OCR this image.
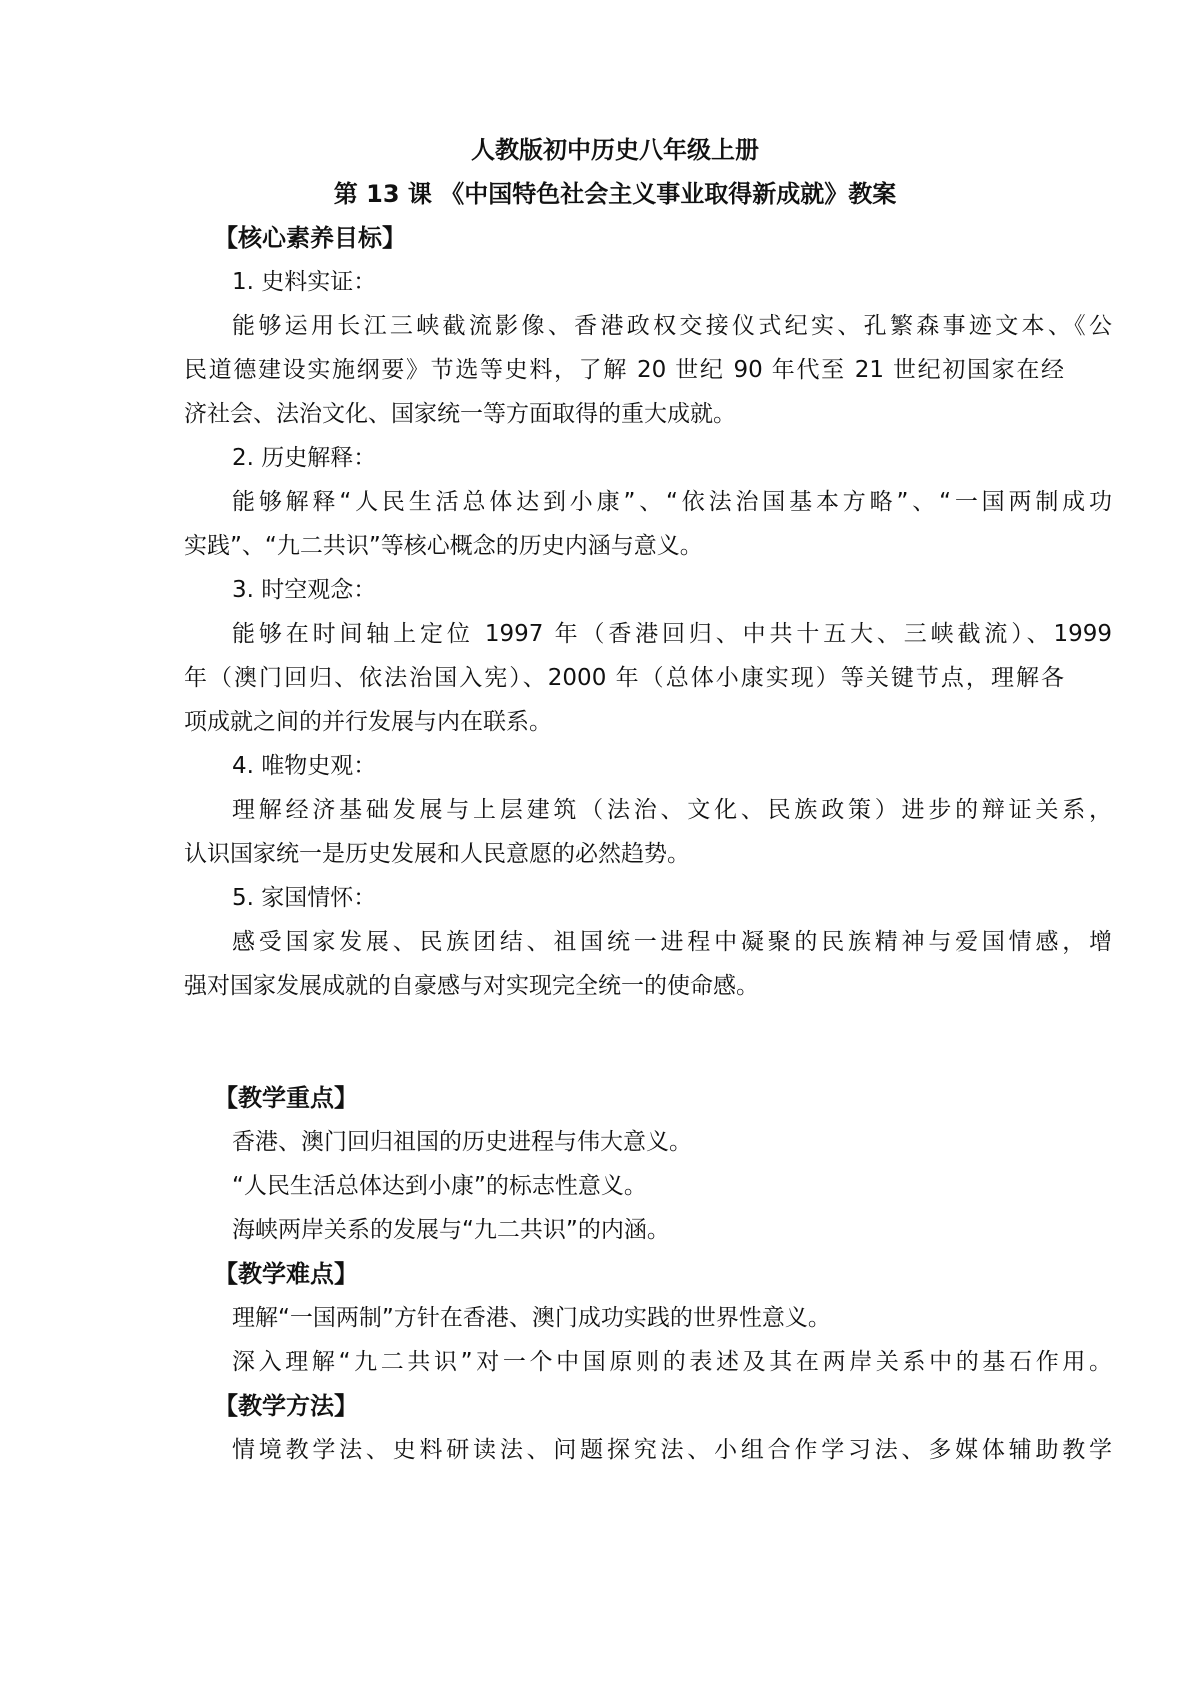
人教版初中历史八年级上册
第 13 课 《中国特色社会主义事业取得新成就》教案
【核心素养目标】
1. 史料实证：
能够运用长江三峡截流影像、香港政权交接仪式纪实、孔繁森事迹文本、《公
民道德建设实施纲要》节选等史料，了解 20 世纪 90 年代至 21 世纪初国家在经
济社会、法治文化、国家统一等方面取得的重大成就。
2. 历史解释：
能够解释“人民生活总体达到小康”、“依法治国基本方略”、“一国两制成功
实践”、“九二共识”等核心概念的历史内涵与意义。
3. 时空观念：
能够在时间轴上定位 1997 年（香港回归、中共十五大、三峡截流）、1999
年（澳门回归、依法治国入宪）、2000 年（总体小康实现）等关键节点，理解各
项成就之间的并行发展与内在联系。
4. 唯物史观：
理解经济基础发展与上层建筑（法治、文化、民族政策）进步的辩证关系，
认识国家统一是历史发展和人民意愿的必然趋势。
5. 家国情怀：
感受国家发展、民族团结、祖国统一进程中凝聚的民族精神与爱国情感，增
强对国家发展成就的自豪感与对实现完全统一的使命感。
【教学重点】
香港、澳门回归祖国的历史进程与伟大意义。
“人民生活总体达到小康”的标志性意义。
海峡两岸关系的发展与“九二共识”的内涵。
【教学难点】
理解“一国两制”方针在香港、澳门成功实践的世界性意义。
深入理解“九二共识”对一个中国原则的表述及其在两岸关系中的基石作用。
【教学方法】
情境教学法、史料研读法、问题探究法、小组合作学习法、多媒体辅助教学
